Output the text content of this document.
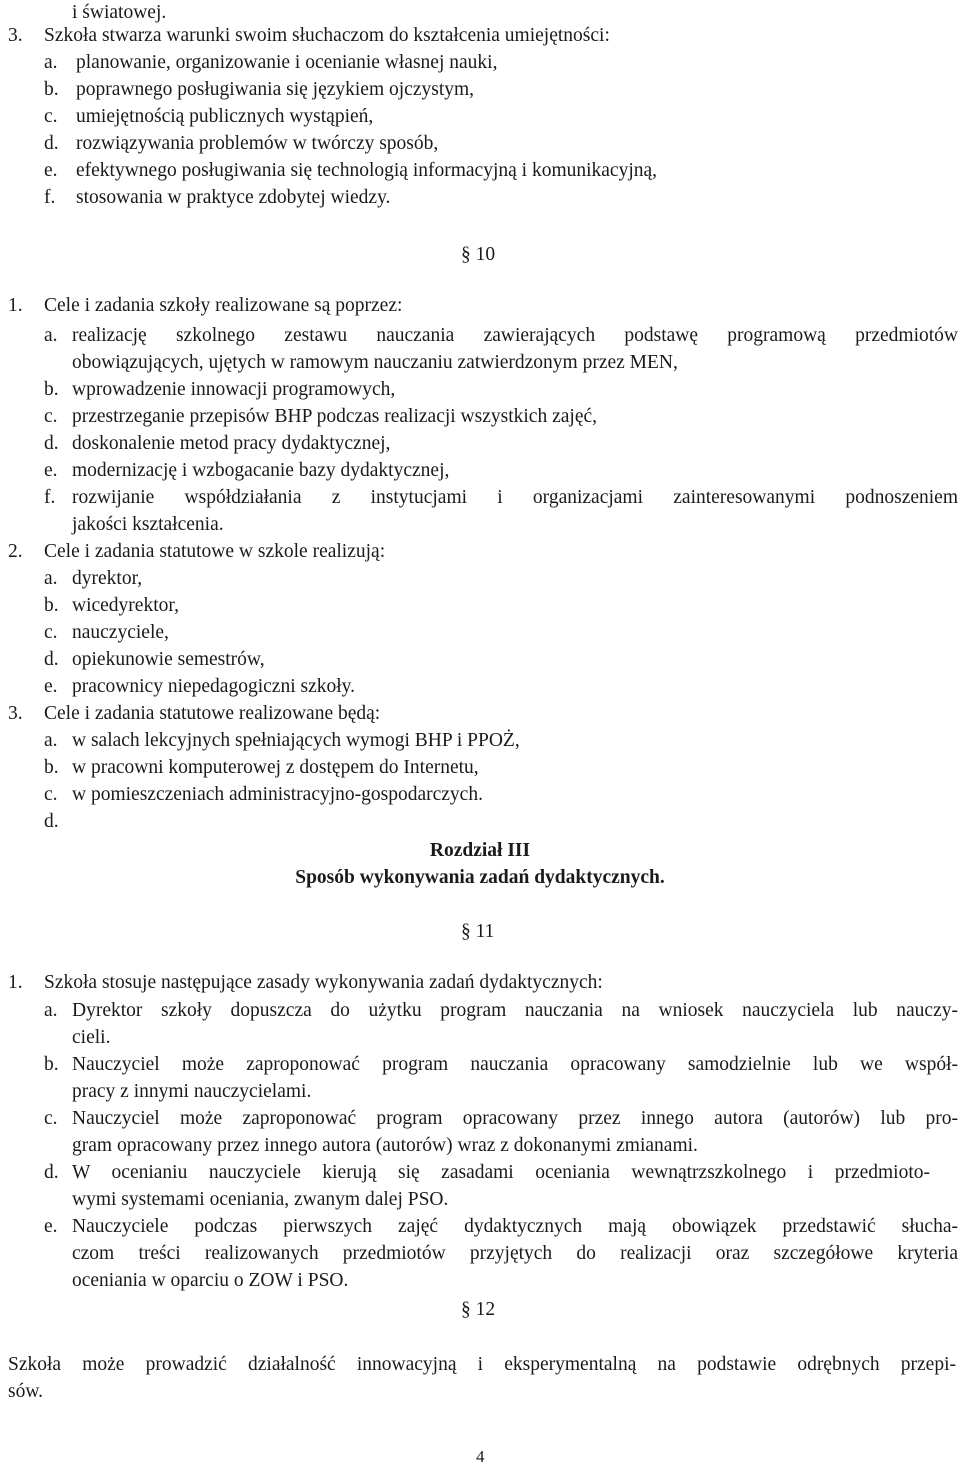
i światowej.
3. Szkoła stwarza warunki swoim słuchaczom do kształcenia umiejętności:
a. planowanie, organizowanie i ocenianie własnej nauki,
b. poprawnego posługiwania się językiem ojczystym,
c. umiejętnością publicznych wystąpień,
d. rozwiązywania problemów w twórczy sposób,
e. efektywnego posługiwania się technologią informacyjną i komunikacyjną,
f. stosowania w praktyce zdobytej wiedzy.
§ 10
1. Cele i zadania szkoły realizowane są poprzez:
a. realizację szkolnego zestawu nauczania zawierających podstawę programową przedmiotów
obowiązujących, ujętych w ramowym nauczaniu zatwierdzonym przez MEN,
b. wprowadzenie innowacji programowych,
c. przestrzeganie przepisów BHP podczas realizacji wszystkich zajęć,
d. doskonalenie metod pracy dydaktycznej,
e. modernizację i wzbogacanie bazy dydaktycznej,
f. rozwijanie współdziałania z instytucjami i organizacjami zainteresowanymi podnoszeniem
jakości kształcenia.
2. Cele i zadania statutowe w szkole realizują:
a. dyrektor,
b. wicedyrektor,
c. nauczyciele,
d. opiekunowie semestrów,
e. pracownicy niepedagogiczni szkoły.
3. Cele i zadania statutowe realizowane będą:
a. w salach lekcyjnych spełniających wymogi BHP i PPOŻ,
b. w pracowni komputerowej z dostępem do Internetu,
c. w pomieszczeniach administracyjno-gospodarczych.
d.
Rozdział III
Sposób wykonywania zadań dydaktycznych.
§ 11
1. Szkoła stosuje następujące zasady wykonywania zadań dydaktycznych:
a. Dyrektor szkoły dopuszcza do użytku program nauczania na wniosek nauczyciela lub nauczy-
cieli.
b. Nauczyciel może zaproponować program nauczania opracowany samodzielnie lub we współ-
pracy z innymi nauczycielami.
c. Nauczyciel może zaproponować program opracowany przez innego autora (autorów) lub pro-
gram opracowany przez innego autora (autorów) wraz z dokonanymi zmianami.
d. W ocenianiu nauczyciele kierują się zasadami oceniania wewnątrzszkolnego i przedmioto-
wymi systemami oceniania, zwanym dalej PSO.
e. Nauczyciele podczas pierwszych zajęć dydaktycznych mają obowiązek przedstawić słucha-
czom treści realizowanych przedmiotów przyjętych do realizacji oraz szczegółowe kryteria
oceniania w oparciu o ZOW i PSO.
§ 12
Szkoła może prowadzić działalność innowacyjną i eksperymentalną na podstawie odrębnych przepi-
sów.
4
